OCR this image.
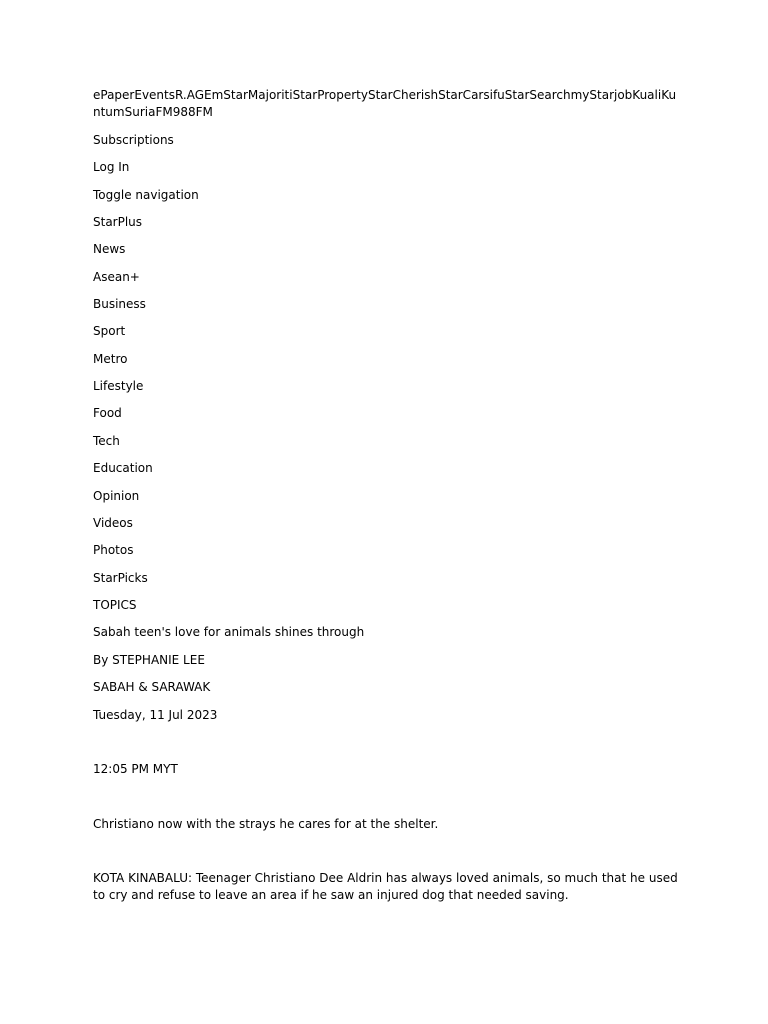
ePaperEventsR.AGEmStarMajoritiStarPropertyStarCherishStarCarsifuStarSearchmyStarjobKualiKuntumSuriaFM988FM

Subscriptions

Log In

Toggle navigation

StarPlus

News

Asean+

Business

Sport

Metro

Lifestyle

Food

Tech

Education

Opinion

Videos

Photos

StarPicks

TOPICS

Sabah teen's love for animals shines through

By STEPHANIE LEE

SABAH & SARAWAK

Tuesday, 11 Jul 2023

12:05 PM MYT

Christiano now with the strays he cares for at the shelter.

KOTA KINABALU: Teenager Christiano Dee Aldrin has always loved animals, so much that he used to cry and refuse to leave an area if he saw an injured dog that needed saving.
